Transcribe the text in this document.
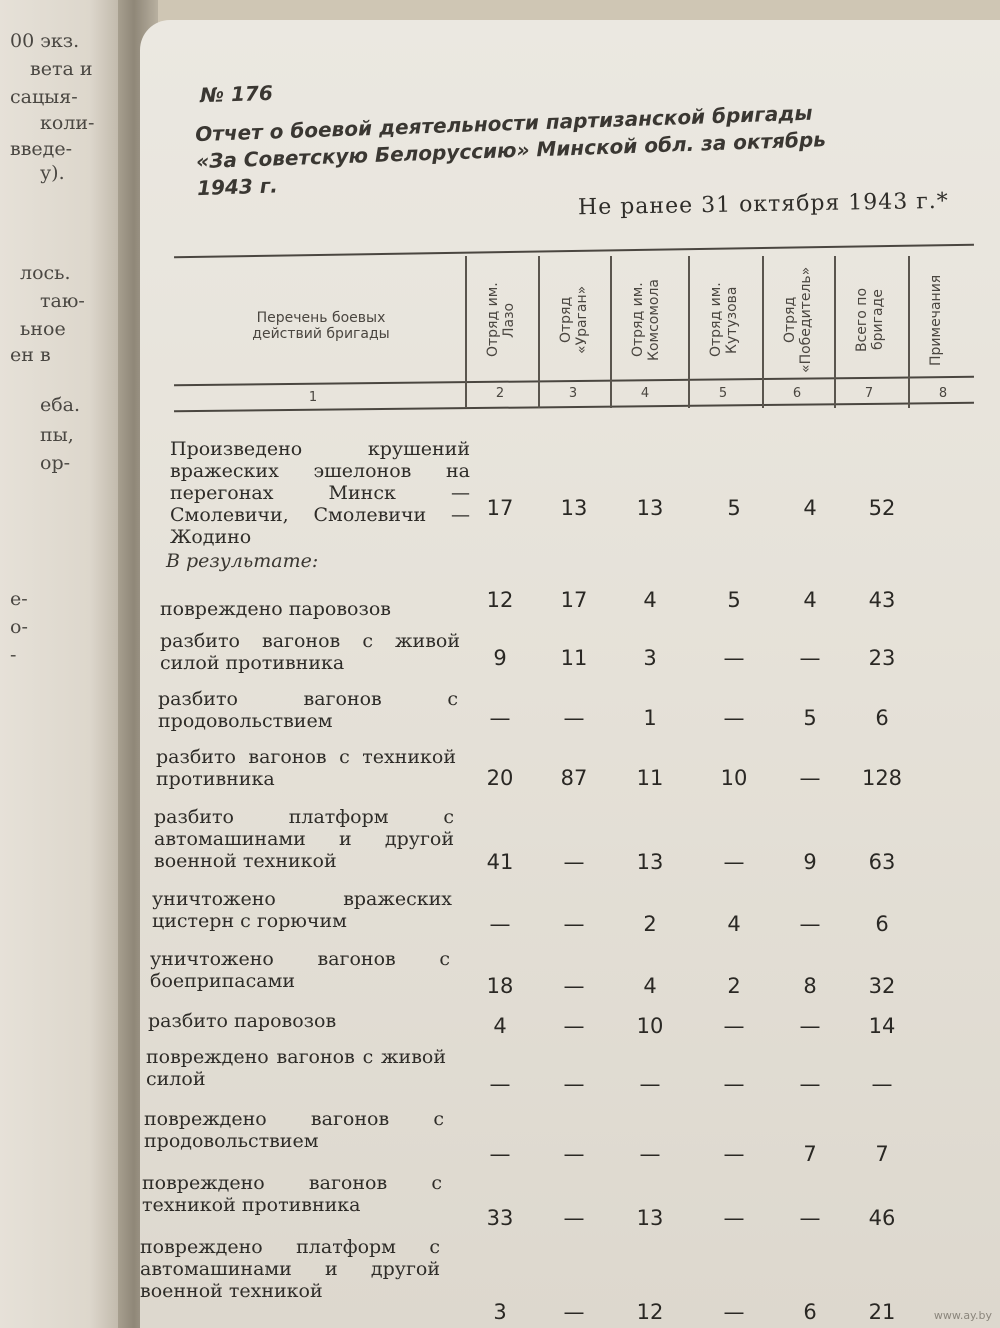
00 экз.
вета и
сацыя-
коли-
введе-
у).
лось.
таю-
ьное
ен в
еба.
пы,
ор-
е-
о-
-
№ 176
Отчет о боевой деятельности партизанской бригады «За Советскую Белоруссию» Минской обл. за октябрь 1943 г.
Не ранее 31 октября 1943 г.*
Перечень боевых действий бригады
1
Отряд им. Лазо
2
Отряд «Ураган»
3
Отряд им. Комсомола
4
Отряд им. Кутузова
5
Отряд «Победитель»
6
Всего по бригаде
7
Примечания
8
Произведено крушений вражеских эшелонов на перегонах Минск — Смолевичи, Смолевичи — Жодино
17	13	13	5	4	52
повреждено паровозов	12	17	4	5	4	43
разбито вагонов с живой силой противника	9	11	3	—	—	23
разбито вагонов с продовольствием	—	—	1	—	5	6
разбито вагонов с техникой противника	20	87	11	10	—	128
разбито платформ с автомашинами и другой военной техникой	41	—	13	—	9	63
уничтожено вражеских цистерн с горючим	—	—	2	4	—	6
уничтожено вагонов с боеприпасами	18	—	4	2	8	32
разбито паровозов	4	—	10	—	—	14
повреждено вагонов с живой силой	—	—	—	—	—	—
повреждено вагонов с продовольствием
—	—	—	—	7	7
повреждено вагонов с техникой противника
33	—	13	—	—	46
повреждено платформ с автомашинами и другой военной техникой
3	—	12	—	6	21
В результате:
www.ay.by
